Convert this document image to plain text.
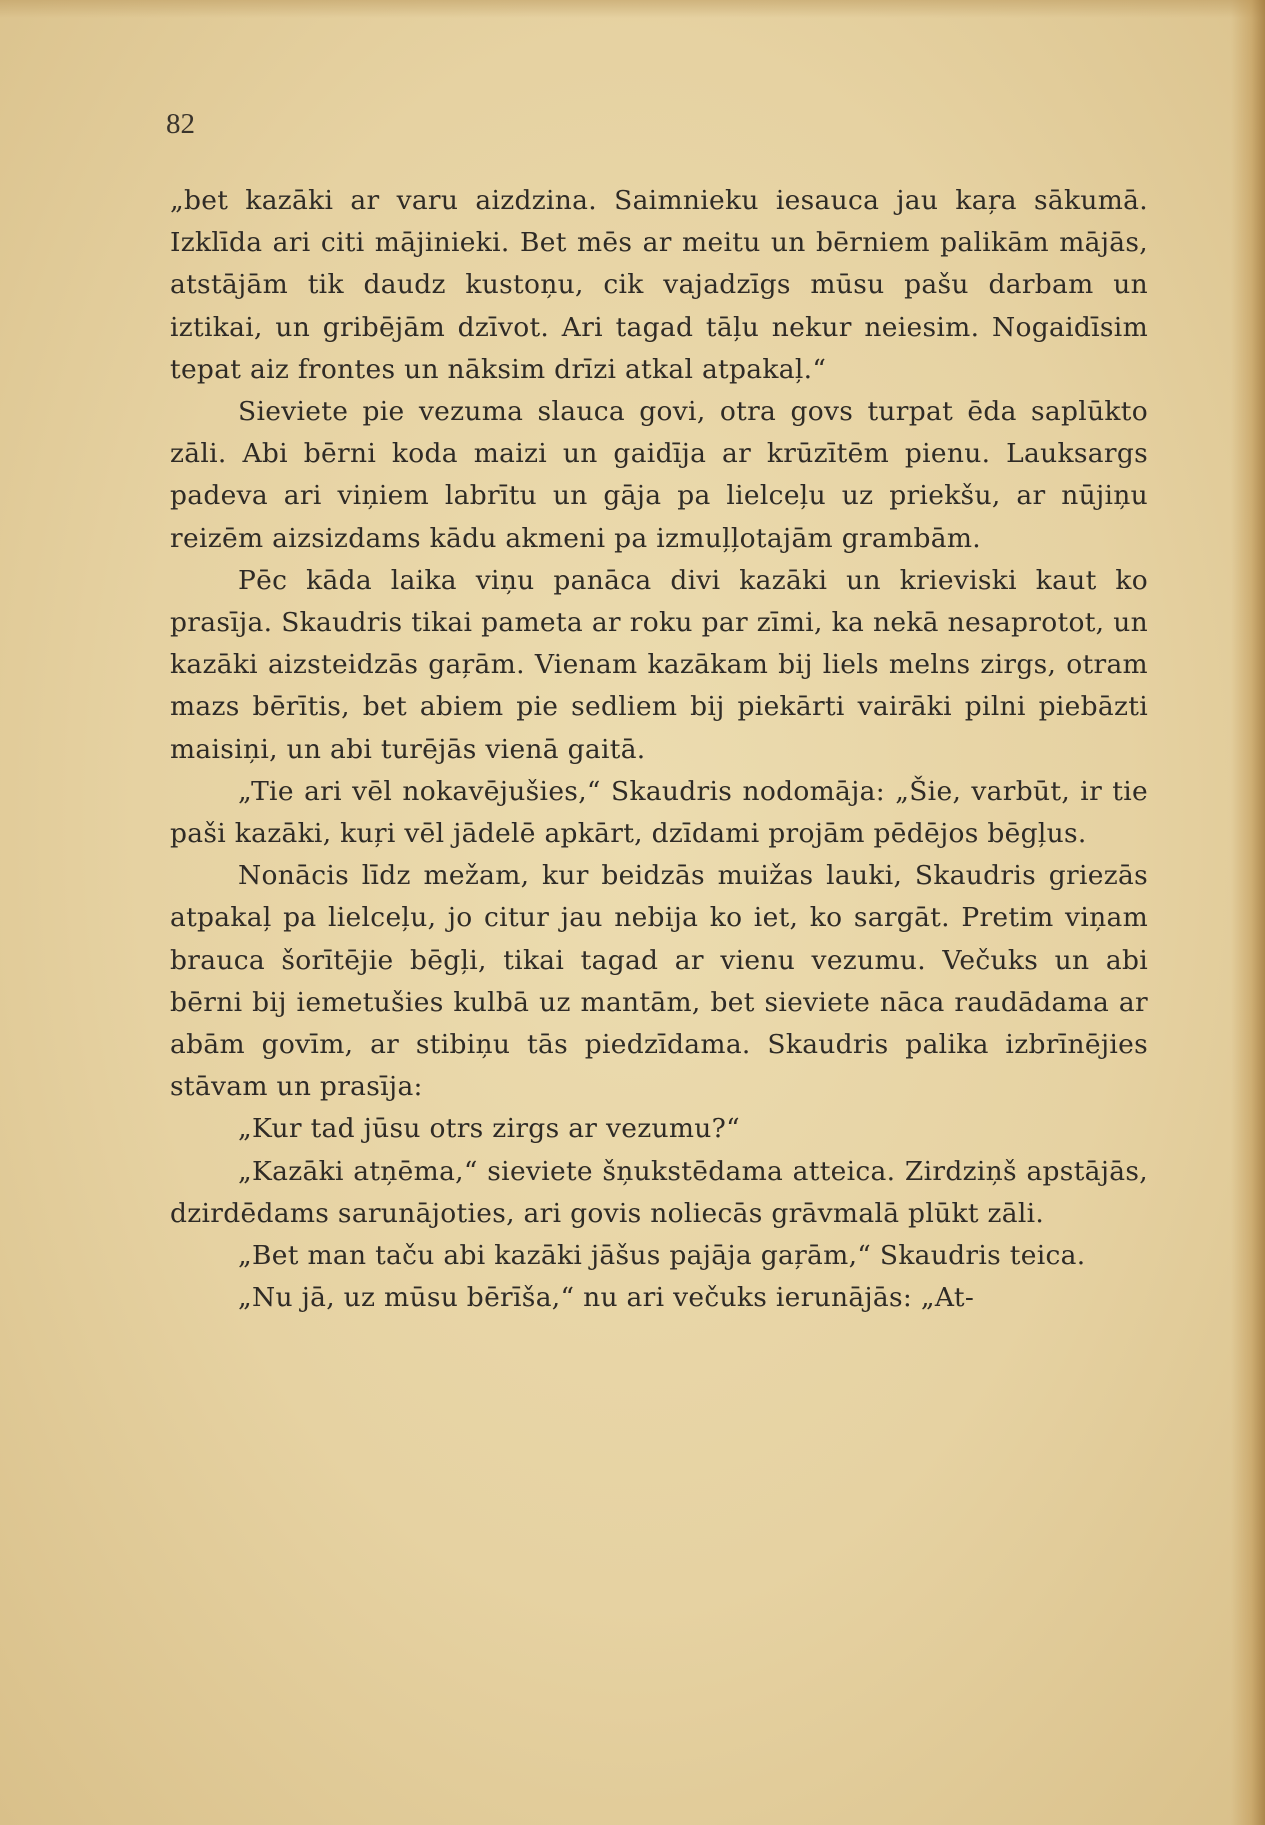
82

„bet kazāki ar varu aizdzina. Saimnieku iesauca jau kaŗa sākumā. Izklīda ari citi mājinieki. Bet mēs ar meitu un bērniem palikām mājās, atstājām tik daudz kustoņu, cik vajadzīgs mūsu pašu darbam un iztikai, un gribējām dzīvot. Ari tagad tāļu nekur neiesim. Nogaidīsim tepat aiz frontes un nāksim drīzi atkal atpakaļ.“

Sieviete pie vezuma slauca govi, otra govs turpat ēda saplūkto zāli. Abi bērni koda maizi un gaidīja ar krūzītēm pienu. Lauksargs padeva ari viņiem labrītu un gāja pa lielceļu uz priekšu, ar nūjiņu reizēm aizsizdams kādu akmeni pa izmuļļotajām grambām.

Pēc kāda laika viņu panāca divi kazāki un krieviski kaut ko prasīja. Skaudris tikai pameta ar roku par zīmi, ka nekā nesaprotot, un kazāki aizsteidzās gaŗām. Vienam kazākam bij liels melns zirgs, otram mazs bērītis, bet abiem pie sedliem bij piekārti vairāki pilni piebāzti maisiņi, un abi turējās vienā gaitā.

„Tie ari vēl nokavējušies,“ Skaudris nodomāja: „Šie, varbūt, ir tie paši kazāki, kuŗi vēl jādelē apkārt, dzīdami projām pēdējos bēgļus.

Nonācis līdz mežam, kur beidzās muižas lauki, Skaudris griezās atpakaļ pa lielceļu, jo citur jau nebija ko iet, ko sargāt. Pretim viņam brauca šorītējie bēgļi, tikai tagad ar vienu vezumu. Večuks un abi bērni bij iemetušies kulbā uz mantām, bet sieviete nāca raudādama ar abām govīm, ar stibiņu tās piedzīdama. Skaudris palika izbrīnējies stāvam un prasīja:

„Kur tad jūsu otrs zirgs ar vezumu?“

„Kazāki atņēma,“ sieviete šņukstēdama atteica. Zirdziņš apstājās, dzirdēdams sarunājoties, ari govis noliecās grāvmalā plūkt zāli.

„Bet man taču abi kazāki jāšus pajāja gaŗām,“ Skaudris teica.

„Nu jā, uz mūsu bērīša,“ nu ari večuks ierunājās: „At-
